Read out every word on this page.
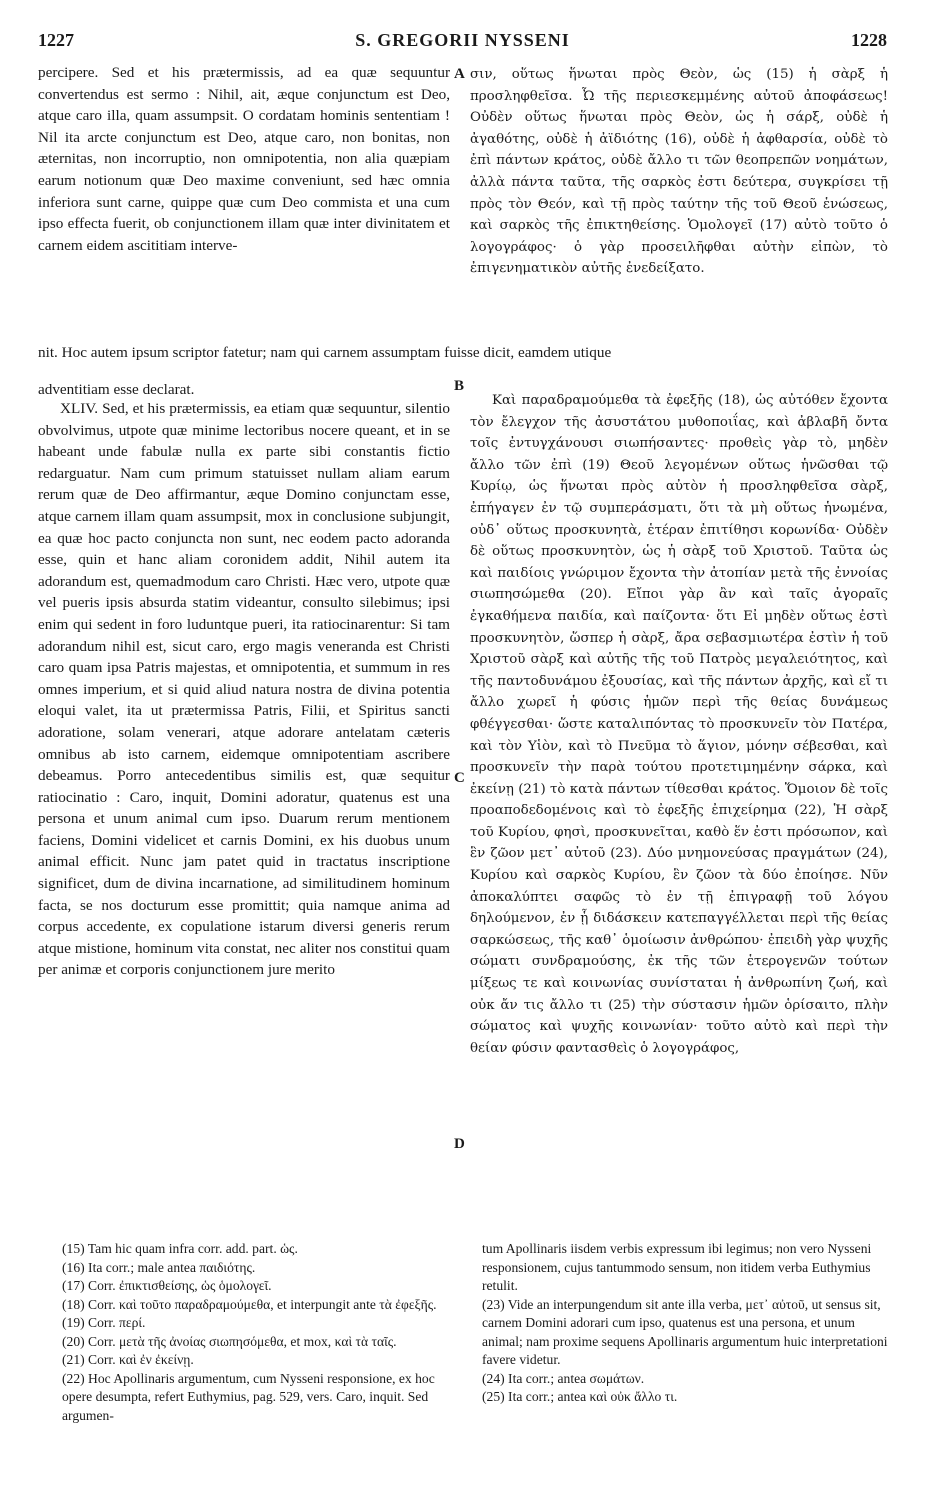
1227	S. GREGORII NYSSENI	1228

percipere. Sed et his prætermissis, ad ea quæ sequuntur convertendus est sermo : Nihil, ait, æque conjunctum est Deo, atque caro illa, quam assumpsit. O cordatam hominis sententiam ! Nil ita arcte conjunctum est Deo, atque caro, non bonitas, non æternitas, non incorruptio, non omnipotentia, non alia quæpiam earum notionum quæ Deo maxime conveniunt, sed hæc omnia inferiora sunt carne, quippe quæ cum Deo commista et una cum ipso effecta fuerit, ob conjunctionem illam quæ inter divinitatem et carnem eidem ascititiam interve-

σιν, οὕτως ἥνωται πρὸς Θεὸν, ὡς (15) ἡ σὰρξ ἡ προσληφθεῖσα. Ὦ τῆς περιεσκεμμένης αὐτοῦ ἀποφάσεως! Οὐδὲν οὕτως ἥνωται πρὸς Θεὸν, ὡς ἡ σάρξ, οὐδὲ ἡ ἀγαθότης, οὐδὲ ἡ ἀϊδιότης (16), οὐδὲ ἡ ἀφθαρσία, οὐδὲ τὸ ἐπὶ πάντων κράτος, οὐδὲ ἄλλο τι τῶν θεοπρεπῶν νοημάτων, ἀλλὰ πάντα ταῦτα, τῆς σαρκὸς ἐστι δεύτερα, συγκρίσει τῇ πρὸς τὸν Θεόν, καὶ τῇ πρὸς ταύτην τῆς τοῦ Θεοῦ ἑνώσεως, καὶ σαρκὸς τῆς ἐπικτηθείσης. Ὁμολογεῖ (17) αὐτὸ τοῦτο ὁ λογογράφος· ὁ γὰρ προσειλῆφθαι αὐτὴν εἰπὼν, τὸ ἐπιγενηματικὸν αὐτῆς ἐνεδείξατο.

A

nit. Hoc autem ipsum scriptor fatetur; nam qui carnem assumptam fuisse dicit, eamdem utique

adventitiam esse declarat.	B
C
D

XLIV. Sed, et his prætermissis, ea etiam quæ sequuntur, silentio obvolvimus, utpote quæ minime lectoribus nocere queant, et in se habeant unde fabulæ nulla ex parte sibi constantis fictio redarguatur. Nam cum primum statuisset nullam aliam earum rerum quæ de Deo affirmantur, æque Domino conjunctam esse, atque carnem illam quam assumpsit, mox in conclusione subjungit, ea quæ hoc pacto conjuncta non sunt, nec eodem pacto adoranda esse, quin et hanc aliam coronidem addit, Nihil autem ita adorandum est, quemadmodum caro Christi. Hæc vero, utpote quæ vel pueris ipsis absurda statim videantur, consulto silebimus; ipsi enim qui sedent in foro luduntque pueri, ita ratiocinarentur: Si tam adorandum nihil est, sicut caro, ergo magis veneranda est Christi caro quam ipsa Patris majestas, et omnipotentia, et summum in res omnes imperium, et si quid aliud natura nostra de divina potentia eloqui valet, ita ut prætermissa Patris, Filii, et Spiritus sancti adoratione, solam venerari, atque adorare antelatam cæteris omnibus ab isto carnem, eidemque omnipotentiam ascribere debeamus. Porro antecedentibus similis est, quæ sequitur ratiocinatio : Caro, inquit, Domini adoratur, quatenus est una persona et unum animal cum ipso. Duarum rerum mentionem faciens, Domini videlicet et carnis Domini, ex his duobus unum animal efficit. Nunc jam patet quid in tractatus inscriptione significet, dum de divina incarnatione, ad similitudinem hominum facta, se nos docturum esse promittit; quia namque anima ad corpus accedente, ex copulatione istarum diversi generis rerum atque mistione, hominum vita constat, nec aliter nos constitui quam per animæ et corporis conjunctionem jure merito

Καὶ παραδραμούμεθα τὰ ἐφεξῆς (18), ὡς αὐτόθεν ἔχοντα τὸν ἔλεγχον τῆς ἀσυστάτου μυθοποιΐας, καὶ ἀβλαβῆ ὄντα τοῖς ἐντυγχάνουσι σιωπήσαντες· προθεὶς γὰρ τὸ, μηδὲν ἄλλο τῶν ἐπὶ (19) Θεοῦ λεγομένων οὕτως ἡνῶσθαι τῷ Κυρίῳ, ὡς ἥνωται πρὸς αὐτὸν ἡ προσληφθεῖσα σὰρξ, ἐπήγαγεν ἐν τῷ συμπεράσματι, ὅτι τὰ μὴ οὕτως ἡνωμένα, οὐδ᾽ οὕτως προσκυνητὰ, ἑτέραν ἐπιτίθησι κορωνίδα· Οὐδὲν δὲ οὕτως προσκυνητὸν, ὡς ἡ σὰρξ τοῦ Χριστοῦ. Ταῦτα ὡς καὶ παιδίοις γνώριμον ἔχοντα τὴν ἀτοπίαν μετὰ τῆς ἐννοίας σιωπησώμεθα (20). Εἴποι γὰρ ἂν καὶ ταῖς ἀγοραῖς ἐγκαθήμενα παιδία, καὶ παίζοντα· ὅτι Εἰ μηδὲν οὕτως ἐστὶ προσκυνητὸν, ὥσπερ ἡ σὰρξ, ἄρα σεβασμιωτέρα ἐστὶν ἡ τοῦ Χριστοῦ σὰρξ καὶ αὐτῆς τῆς τοῦ Πατρὸς μεγαλειότητος, καὶ τῆς παντοδυνάμου ἐξουσίας, καὶ τῆς πάντων ἀρχῆς, καὶ εἴ τι ἄλλο χωρεῖ ἡ φύσις ἡμῶν περὶ τῆς θείας δυνάμεως φθέγγεσθαι· ὥστε καταλιπόντας τὸ προσκυνεῖν τὸν Πατέρα, καὶ τὸν Υἱὸν, καὶ τὸ Πνεῦμα τὸ ἅγιον, μόνην σέβεσθαι, καὶ προσκυνεῖν τὴν παρὰ τούτου προτετιμημένην σάρκα, καὶ ἐκείνῃ (21) τὸ κατὰ πάντων τίθεσθαι κράτος. Ὅμοιον δὲ τοῖς προαποδεδομένοις καὶ τὸ ἐφεξῆς ἐπιχείρημα (22), Ἡ σὰρξ τοῦ Κυρίου, φησὶ, προσκυνεῖται, καθὸ ἕν ἐστι πρόσωπον, καὶ ἓν ζῶον μετ᾽ αὐτοῦ (23). Δύο μνημονεύσας πραγμάτων (24), Κυρίου καὶ σαρκὸς Κυρίου, ἓν ζῶον τὰ δύο ἐποίησε. Νῦν ἀποκαλύπτει σαφῶς τὸ ἐν τῇ ἐπιγραφῇ τοῦ λόγου δηλούμενον, ἐν ᾗ διδάσκειν κατεπαγγέλλεται περὶ τῆς θείας σαρκώσεως, τῆς καθ᾽ ὁμοίωσιν ἀνθρώπου· ἐπειδὴ γὰρ ψυχῆς σώματι συνδραμούσης, ἐκ τῆς τῶν ἑτερογενῶν τούτων μίξεως τε καὶ κοινωνίας συνίσταται ἡ ἀνθρωπίνη ζωή, καὶ οὐκ ἄν τις ἄλλο τι (25) τὴν σύστασιν ἡμῶν ὁρίσαιτο, πλὴν σώματος καὶ ψυχῆς κοινωνίαν· τοῦτο αὐτὸ καὶ περὶ τὴν θείαν φύσιν φαντασθεὶς ὁ λογογράφος,

(15) Tam hic quam infra corr. add. part. ὡς.

(16) Ita corr.; male antea παιδιότης.

(17) Corr. ἐπικτισθείσης, ὡς ὁμολογεῖ.

(18) Corr. καὶ τοῦτο παραδραμούμεθα, et interpungit ante τὰ ἐφεξῆς.

(19) Corr. περί.

(20) Corr. μετὰ τῆς ἀνοίας σιωπησόμεθα, et mox, καὶ τὰ ταῖς.

(21) Corr. καὶ ἐν ἐκείνῃ.

(22) Hoc Apollinaris argumentum, cum Nysseni responsione, ex hoc opere desumpta, refert Euthymius, pag. 529, vers. Caro, inquit. Sed argumen-

tum Apollinaris iisdem verbis expressum ibi legimus; non vero Nysseni responsionem, cujus tantummodo sensum, non itidem verba Euthymius retulit.

(23) Vide an interpungendum sit ante illa verba, μετ᾽ αὐτοῦ, ut sensus sit, carnem Domini adorari cum ipso, quatenus est una persona, et unum animal; nam proxime sequens Apollinaris argumentum huic interpretationi favere videtur.

(24) Ita corr.; antea σωμάτων.

(25) Ita corr.; antea καὶ οὐκ ἄλλο τι.
